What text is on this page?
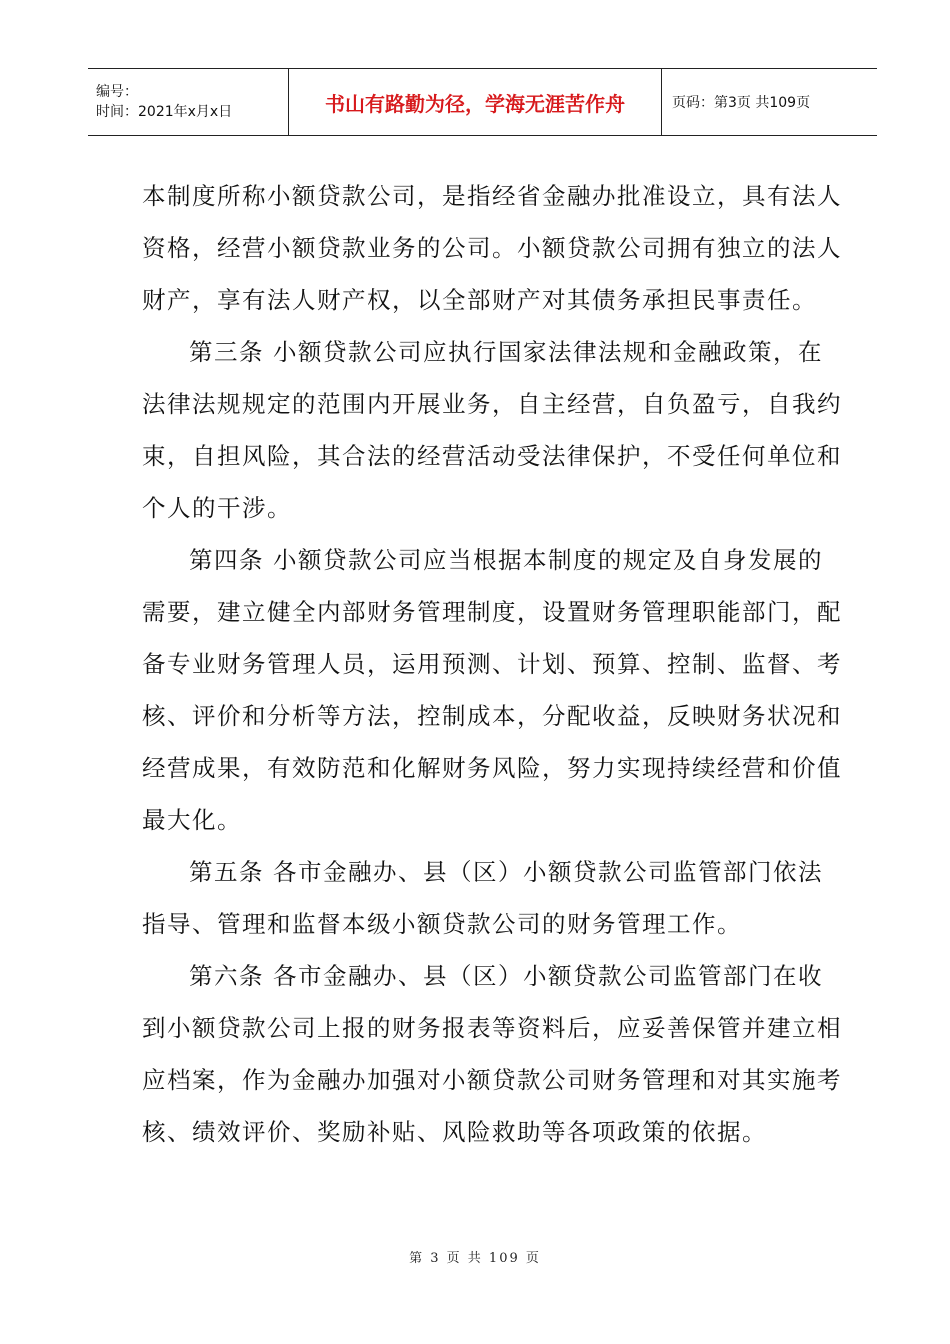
编号：
时间：2021年x月x日	书山有路勤为径，学海无涯苦作舟	页码：第3页 共109页

本制度所称小额贷款公司，是指经省金融办批准设立，具有法人资格，经营小额贷款业务的公司。小额贷款公司拥有独立的法人财产，享有法人财产权，以全部财产对其债务承担民事责任。

第三条 小额贷款公司应执行国家法律法规和金融政策，在法律法规规定的范围内开展业务，自主经营，自负盈亏，自我约束，自担风险，其合法的经营活动受法律保护，不受任何单位和个人的干涉。

第四条 小额贷款公司应当根据本制度的规定及自身发展的需要，建立健全内部财务管理制度，设置财务管理职能部门，配备专业财务管理人员，运用预测、计划、预算、控制、监督、考核、评价和分析等方法，控制成本，分配收益，反映财务状况和经营成果，有效防范和化解财务风险，努力实现持续经营和价值最大化。

第五条 各市金融办、县（区）小额贷款公司监管部门依法指导、管理和监督本级小额贷款公司的财务管理工作。

第六条 各市金融办、县（区）小额贷款公司监管部门在收到小额贷款公司上报的财务报表等资料后，应妥善保管并建立相应档案，作为金融办加强对小额贷款公司财务管理和对其实施考核、绩效评价、奖励补贴、风险救助等各项政策的依据。

第 3 页 共 109 页
